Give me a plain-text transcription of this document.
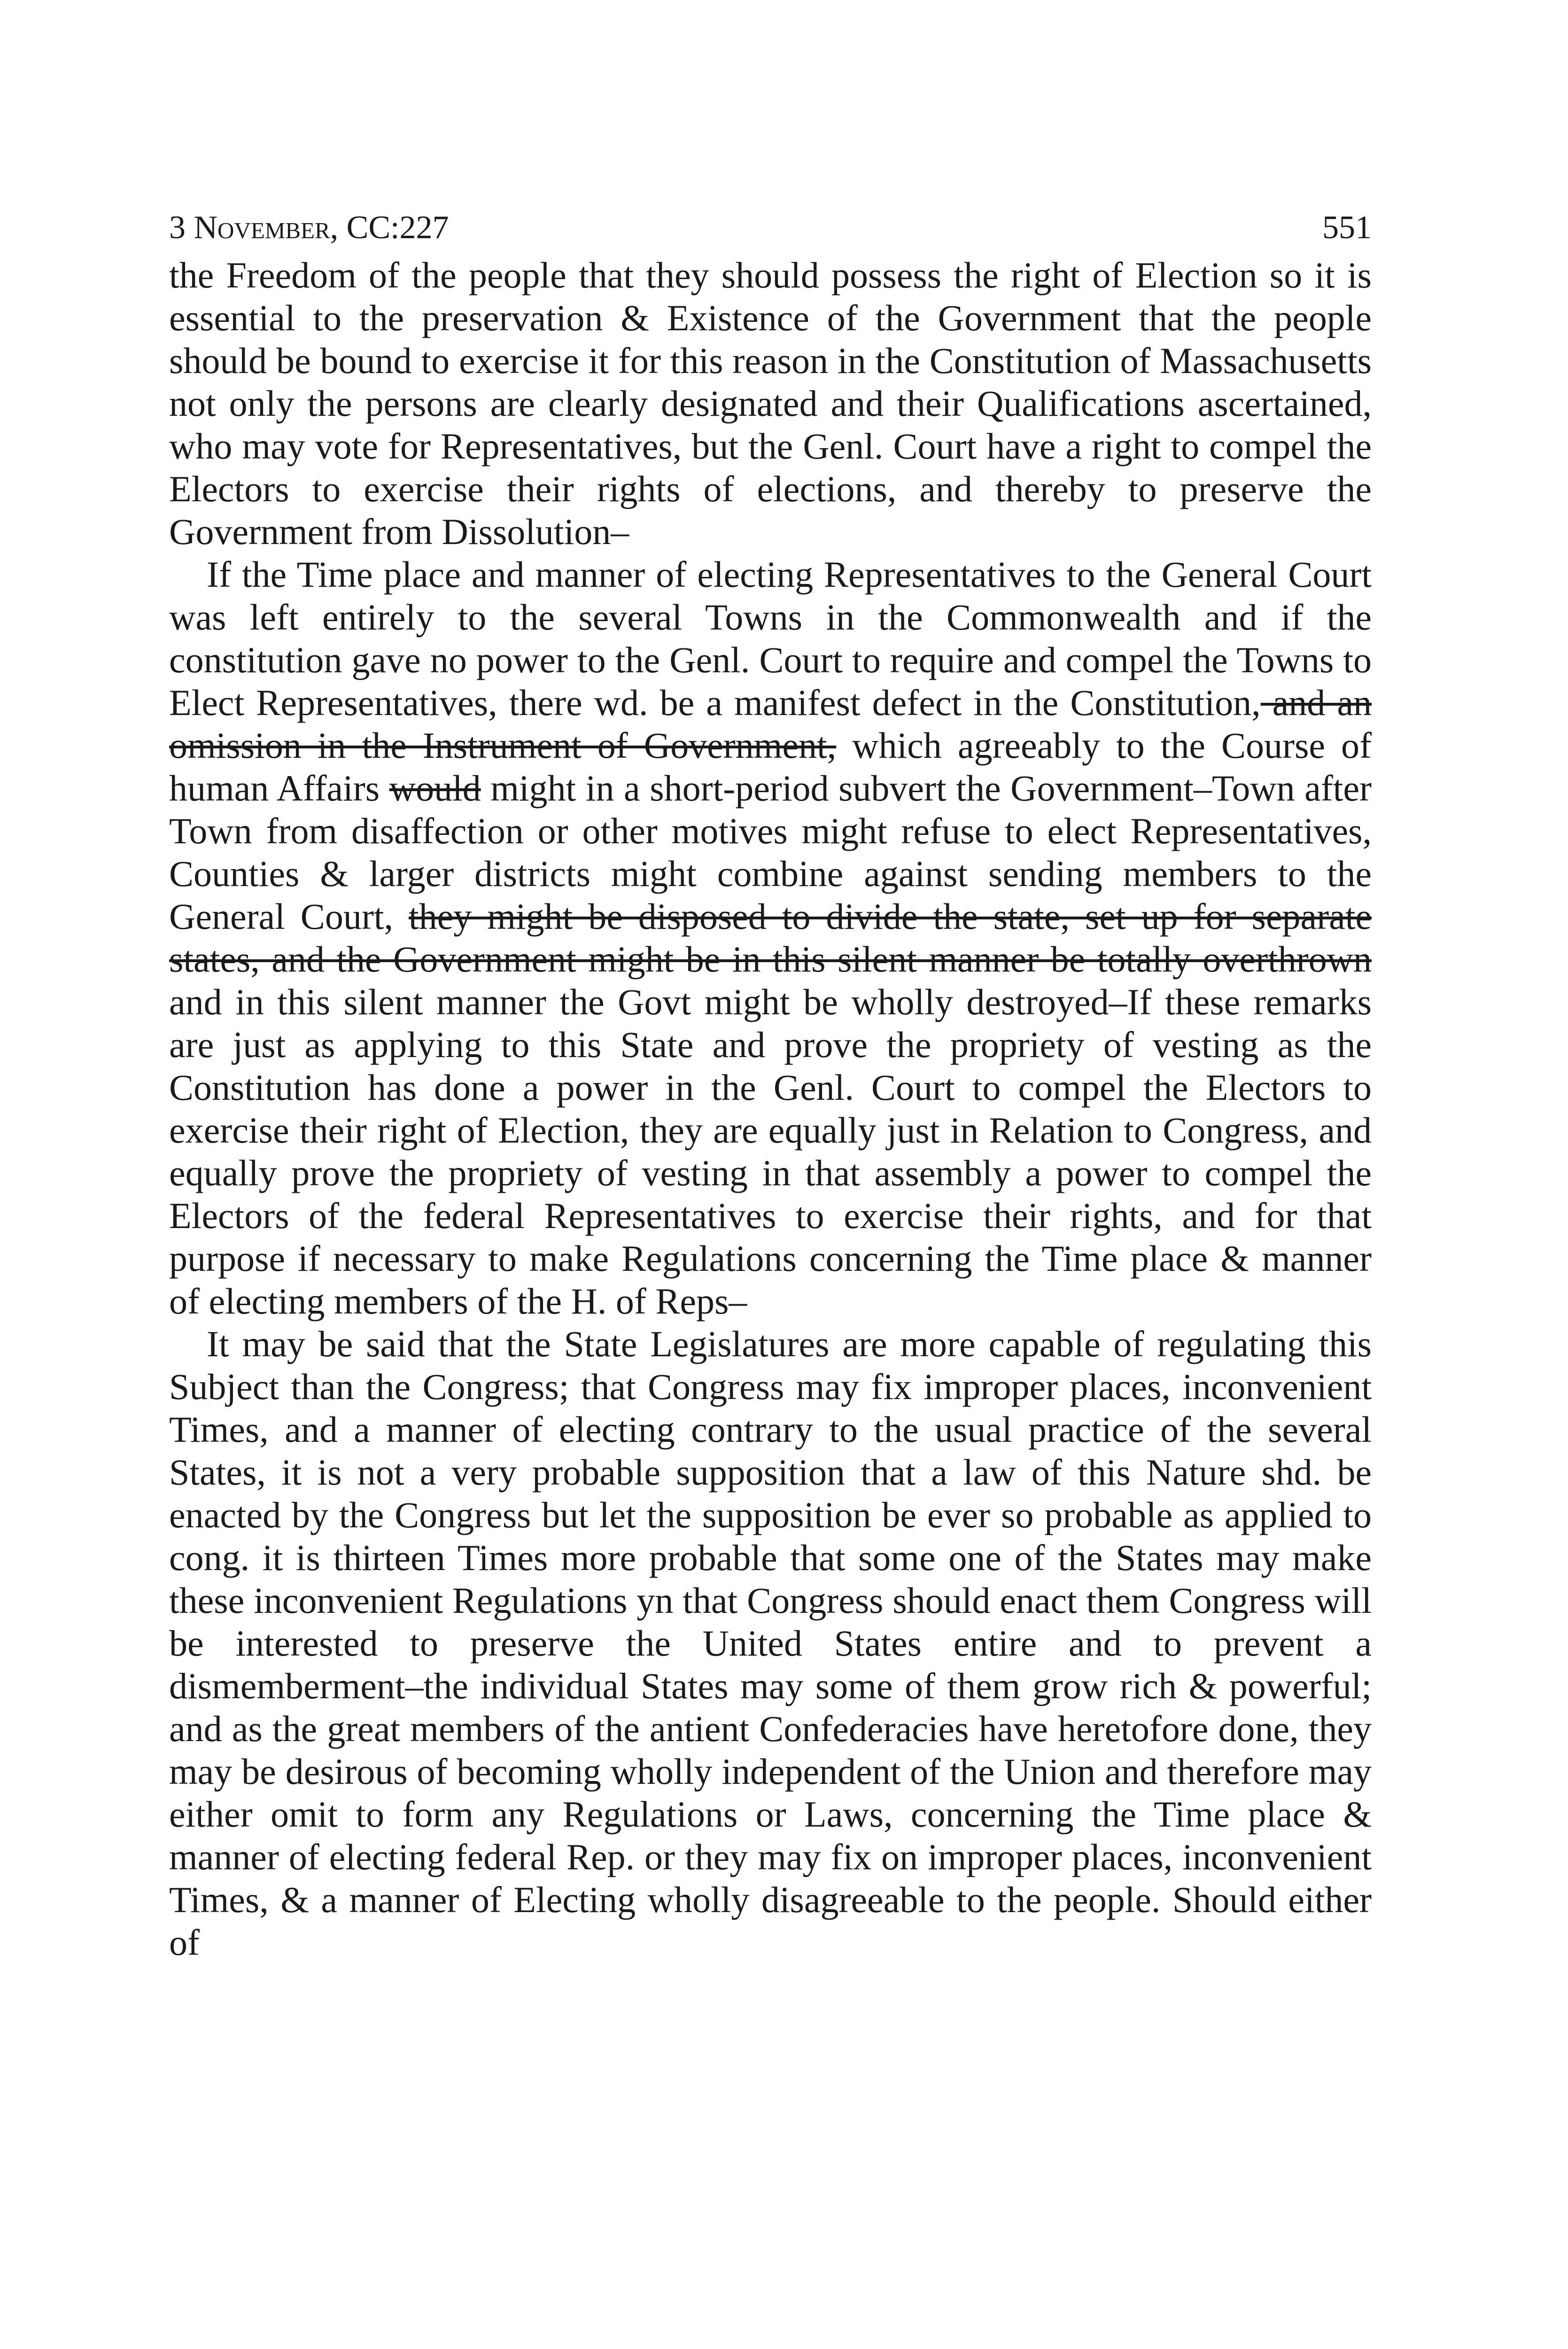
3 November, CC:227	551

the Freedom of the people that they should possess the right of Election so it is essential to the preservation & Existence of the Government that the people should be bound to exercise it for this reason in the Constitution of Massachusetts not only the persons are clearly designated and their Qualifications ascertained, who may vote for Representatives, but the Genl. Court have a right to compel the Electors to exercise their rights of elections, and thereby to preserve the Government from Dissolution–

If the Time place and manner of electing Representatives to the General Court was left entirely to the several Towns in the Commonwealth and if the constitution gave no power to the Genl. Court to require and compel the Towns to Elect Representatives, there wd. be a manifest defect in the Constitution, and an omission in the Instrument of Government, which agreeably to the Course of human Affairs would might in a short-period subvert the Government–Town after Town from disaffection or other motives might refuse to elect Representatives, Counties & larger districts might combine against sending members to the General Court, they might be disposed to divide the state, set up for separate states, and the Government might be in this silent manner be totally overthrown and in this silent manner the Govt might be wholly destroyed–If these remarks are just as applying to this State and prove the propriety of vesting as the Constitution has done a power in the Genl. Court to compel the Electors to exercise their right of Election, they are equally just in Relation to Congress, and equally prove the propriety of vesting in that assembly a power to compel the Electors of the federal Representatives to exercise their rights, and for that purpose if necessary to make Regulations concerning the Time place & manner of electing members of the H. of Reps–

It may be said that the State Legislatures are more capable of regulating this Subject than the Congress; that Congress may fix improper places, inconvenient Times, and a manner of electing contrary to the usual practice of the several States, it is not a very probable supposition that a law of this Nature shd. be enacted by the Congress but let the supposition be ever so probable as applied to cong. it is thirteen Times more probable that some one of the States may make these inconvenient Regulations yn that Congress should enact them Congress will be interested to preserve the United States entire and to prevent a dismemberment–the individual States may some of them grow rich & powerful; and as the great members of the antient Confederacies have heretofore done, they may be desirous of becoming wholly independent of the Union and therefore may either omit to form any Regulations or Laws, concerning the Time place & manner of electing federal Rep. or they may fix on improper places, inconvenient Times, & a manner of Electing wholly disagreeable to the people. Should either of
